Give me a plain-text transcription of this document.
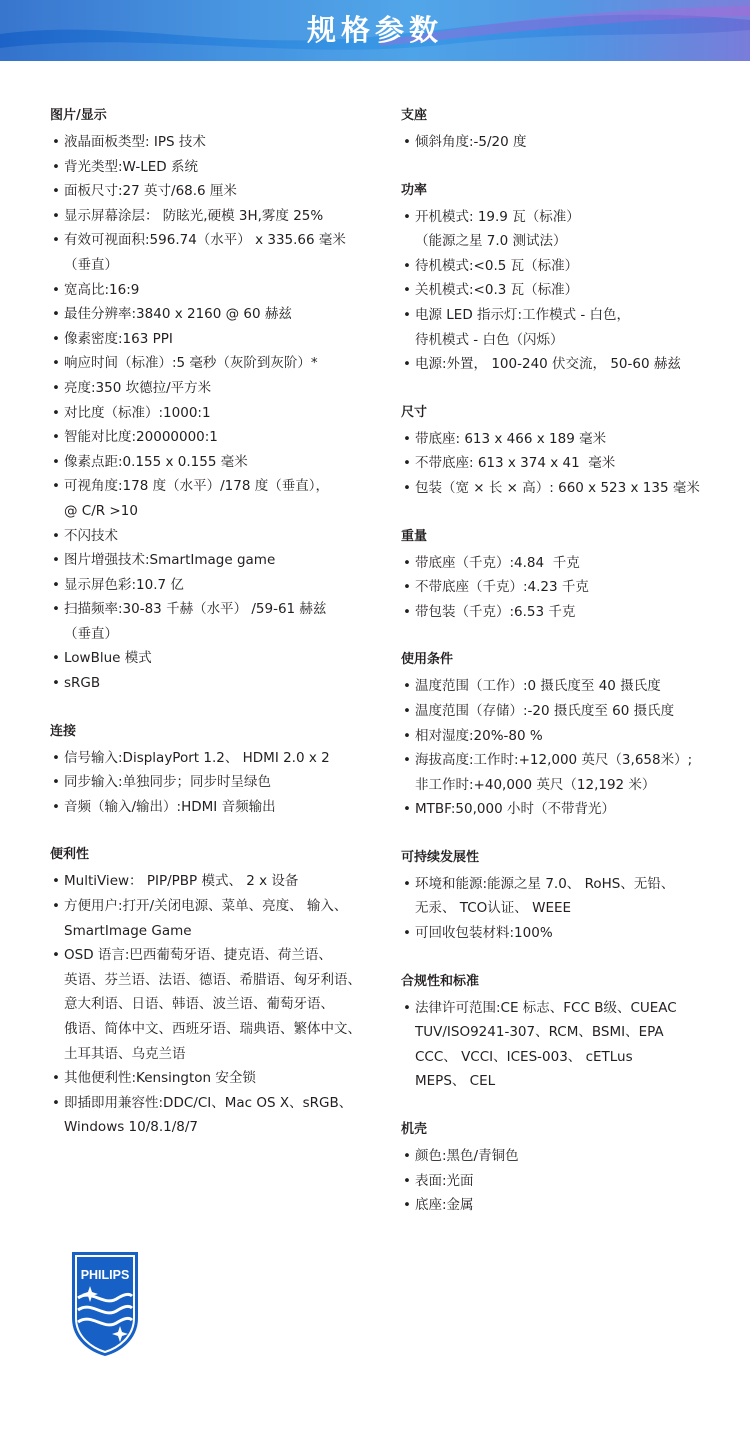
规格参数
图片/显示
• 液晶面板类型: IPS 技术
• 背光类型:W-LED 系统
• 面板尺寸:27 英寸/68.6 厘米
• 显示屏幕涂层： 防眩光,硬模 3H,雾度 25%
• 有效可视面积:596.74（水平） x 335.66 毫米
（垂直）
• 宽高比:16:9
• 最佳分辨率:3840 x 2160 @ 60 赫兹
• 像素密度:163 PPI
• 响应时间（标准）:5 毫秒（灰阶到灰阶）*
• 亮度:350 坎德拉/平方米
• 对比度（标准）:1000:1
• 智能对比度:20000000:1
• 像素点距:0.155 x 0.155 毫米
• 可视角度:178 度（水平）/178 度（垂直），
@ C/R >10
• 不闪技术
• 图片增强技术:SmartImage game
• 显示屏色彩:10.7 亿
• 扫描频率:30-83 千赫（水平） /59-61 赫兹
（垂直）
• LowBlue 模式
• sRGB
连接
• 信号输入:DisplayPort 1.2、 HDMI 2.0 x 2
• 同步输入:单独同步；同步时呈绿色
• 音频（输入/输出）:HDMI 音频输出
便利性
• MultiView： PIP/PBP 模式、 2 x 设备
• 方便用户:打开/关闭电源、菜单、亮度、 输入、
SmartImage Game
• OSD 语言:巴西葡萄牙语、捷克语、荷兰语、
英语、芬兰语、法语、德语、希腊语、匈牙利语、
意大利语、日语、韩语、波兰语、葡萄牙语、
俄语、简体中文、西班牙语、瑞典语、繁体中文、
土耳其语、乌克兰语
• 其他便利性:Kensington 安全锁
• 即插即用兼容性:DDC/CI、Mac OS X、sRGB、
Windows 10/8.1/8/7
支座
• 倾斜角度:-5/20 度
功率
• 开机模式: 19.9 瓦（标准）
（能源之星 7.0 测试法）
• 待机模式:<0.5 瓦（标准）
• 关机模式:<0.3 瓦（标准）
• 电源 LED 指示灯:工作模式 - 白色，
待机模式 - 白色（闪烁）
• 电源:外置， 100-240 伏交流， 50-60 赫兹
尺寸
• 带底座: 613 x 466 x 189 毫米
• 不带底座: 613 x 374 x 41  毫米
• 包装（宽 × 长 × 高）: 660 x 523 x 135 毫米
重量
• 带底座（千克）:4.84  千克
• 不带底座（千克）:4.23 千克
• 带包装（千克）:6.53 千克
使用条件
• 温度范围（工作）:0 摄氏度至 40 摄氏度
• 温度范围（存储）:-20 摄氏度至 60 摄氏度
• 相对湿度:20%-80 %
• 海拔高度:工作时:+12,000 英尺（3,658米）;
非工作时:+40,000 英尺（12,192 米）
• MTBF:50,000 小时（不带背光）
可持续发展性
• 环境和能源:能源之星 7.0、 RoHS、无铅、
无汞、 TCO认证、 WEEE
• 可回收包装材料:100%
合规性和标准
• 法律许可范围:CE 标志、FCC B级、CUEAC
TUV/ISO9241-307、RCM、BSMI、EPA
CCC、 VCCI、ICES-003、 cETLus
MEPS、 CEL
机壳
• 颜色:黑色/青铜色
• 表面:光面
• 底座:金属
PHILIPS
